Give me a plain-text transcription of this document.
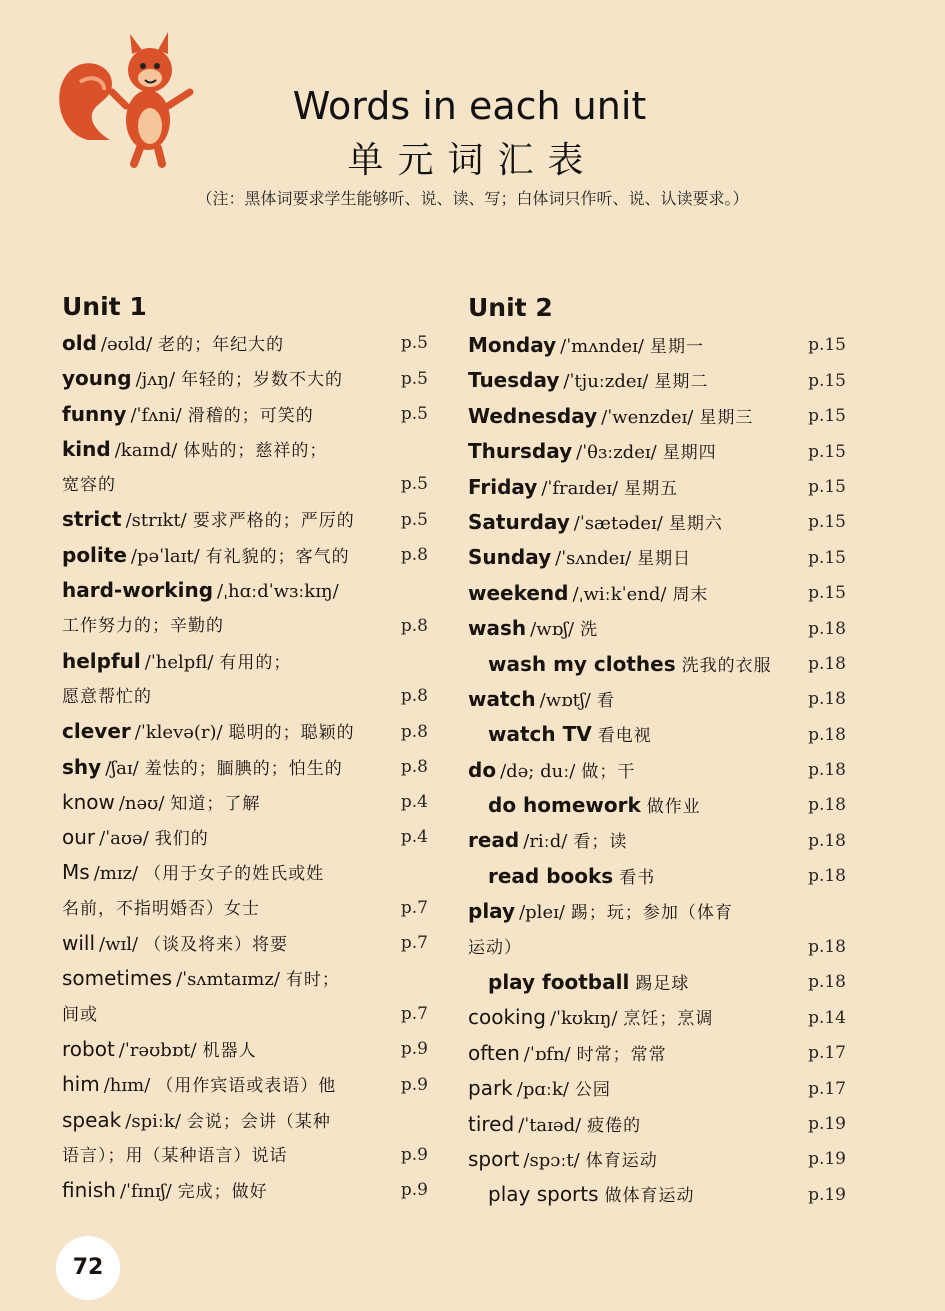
Words in each unit
单元词汇表
（注：黑体词要求学生能够听、说、读、写；白体词只作听、说、认读要求。）
Unit 1
old /əʊld/ 老的；年纪大的	p.5
young /jʌŋ/ 年轻的；岁数不大的	p.5
funny /ˈfʌni/ 滑稽的；可笑的	p.5
kind /kaɪnd/ 体贴的；慈祥的；
宽容的	p.5
strict /strɪkt/ 要求严格的；严厉的	p.5
polite /pəˈlaɪt/ 有礼貌的；客气的	p.8
hard-working /ˌhɑːdˈwɜːkɪŋ/
工作努力的；辛勤的	p.8
helpful /ˈhelpfl/ 有用的；
愿意帮忙的	p.8
clever /ˈklevə(r)/ 聪明的；聪颖的	p.8
shy /ʃaɪ/ 羞怯的；腼腆的；怕生的	p.8
know /nəʊ/ 知道；了解	p.4
our /ˈaʊə/ 我们的	p.4
Ms /mɪz/ （用于女子的姓氏或姓
名前，不指明婚否）女士	p.7
will /wɪl/ （谈及将来）将要	p.7
sometimes /ˈsʌmtaɪmz/ 有时；
间或	p.7
robot /ˈrəʊbɒt/ 机器人	p.9
him /hɪm/ （用作宾语或表语）他	p.9
speak /spiːk/ 会说；会讲（某种
语言）；用（某种语言）说话	p.9
finish /ˈfɪnɪʃ/ 完成；做好	p.9
Unit 2
Monday /ˈmʌndeɪ/ 星期一	p.15
Tuesday /ˈtjuːzdeɪ/ 星期二	p.15
Wednesday /ˈwenzdeɪ/ 星期三	p.15
Thursday /ˈθɜːzdeɪ/ 星期四	p.15
Friday /ˈfraɪdeɪ/ 星期五	p.15
Saturday /ˈsætədeɪ/ 星期六	p.15
Sunday /ˈsʌndeɪ/ 星期日	p.15
weekend /ˌwiːkˈend/ 周末	p.15
wash /wɒʃ/ 洗	p.18
wash my clothes 洗我的衣服	p.18
watch /wɒtʃ/ 看	p.18
watch TV 看电视	p.18
do /də; duː/ 做；干	p.18
do homework 做作业	p.18
read /riːd/ 看；读	p.18
read books 看书	p.18
play /pleɪ/ 踢；玩；参加（体育
运动）	p.18
play football 踢足球	p.18
cooking /ˈkʊkɪŋ/ 烹饪；烹调	p.14
often /ˈɒfn/ 时常；常常	p.17
park /pɑːk/ 公园	p.17
tired /ˈtaɪəd/ 疲倦的	p.19
sport /spɔːt/ 体育运动	p.19
play sports 做体育运动	p.19
72
